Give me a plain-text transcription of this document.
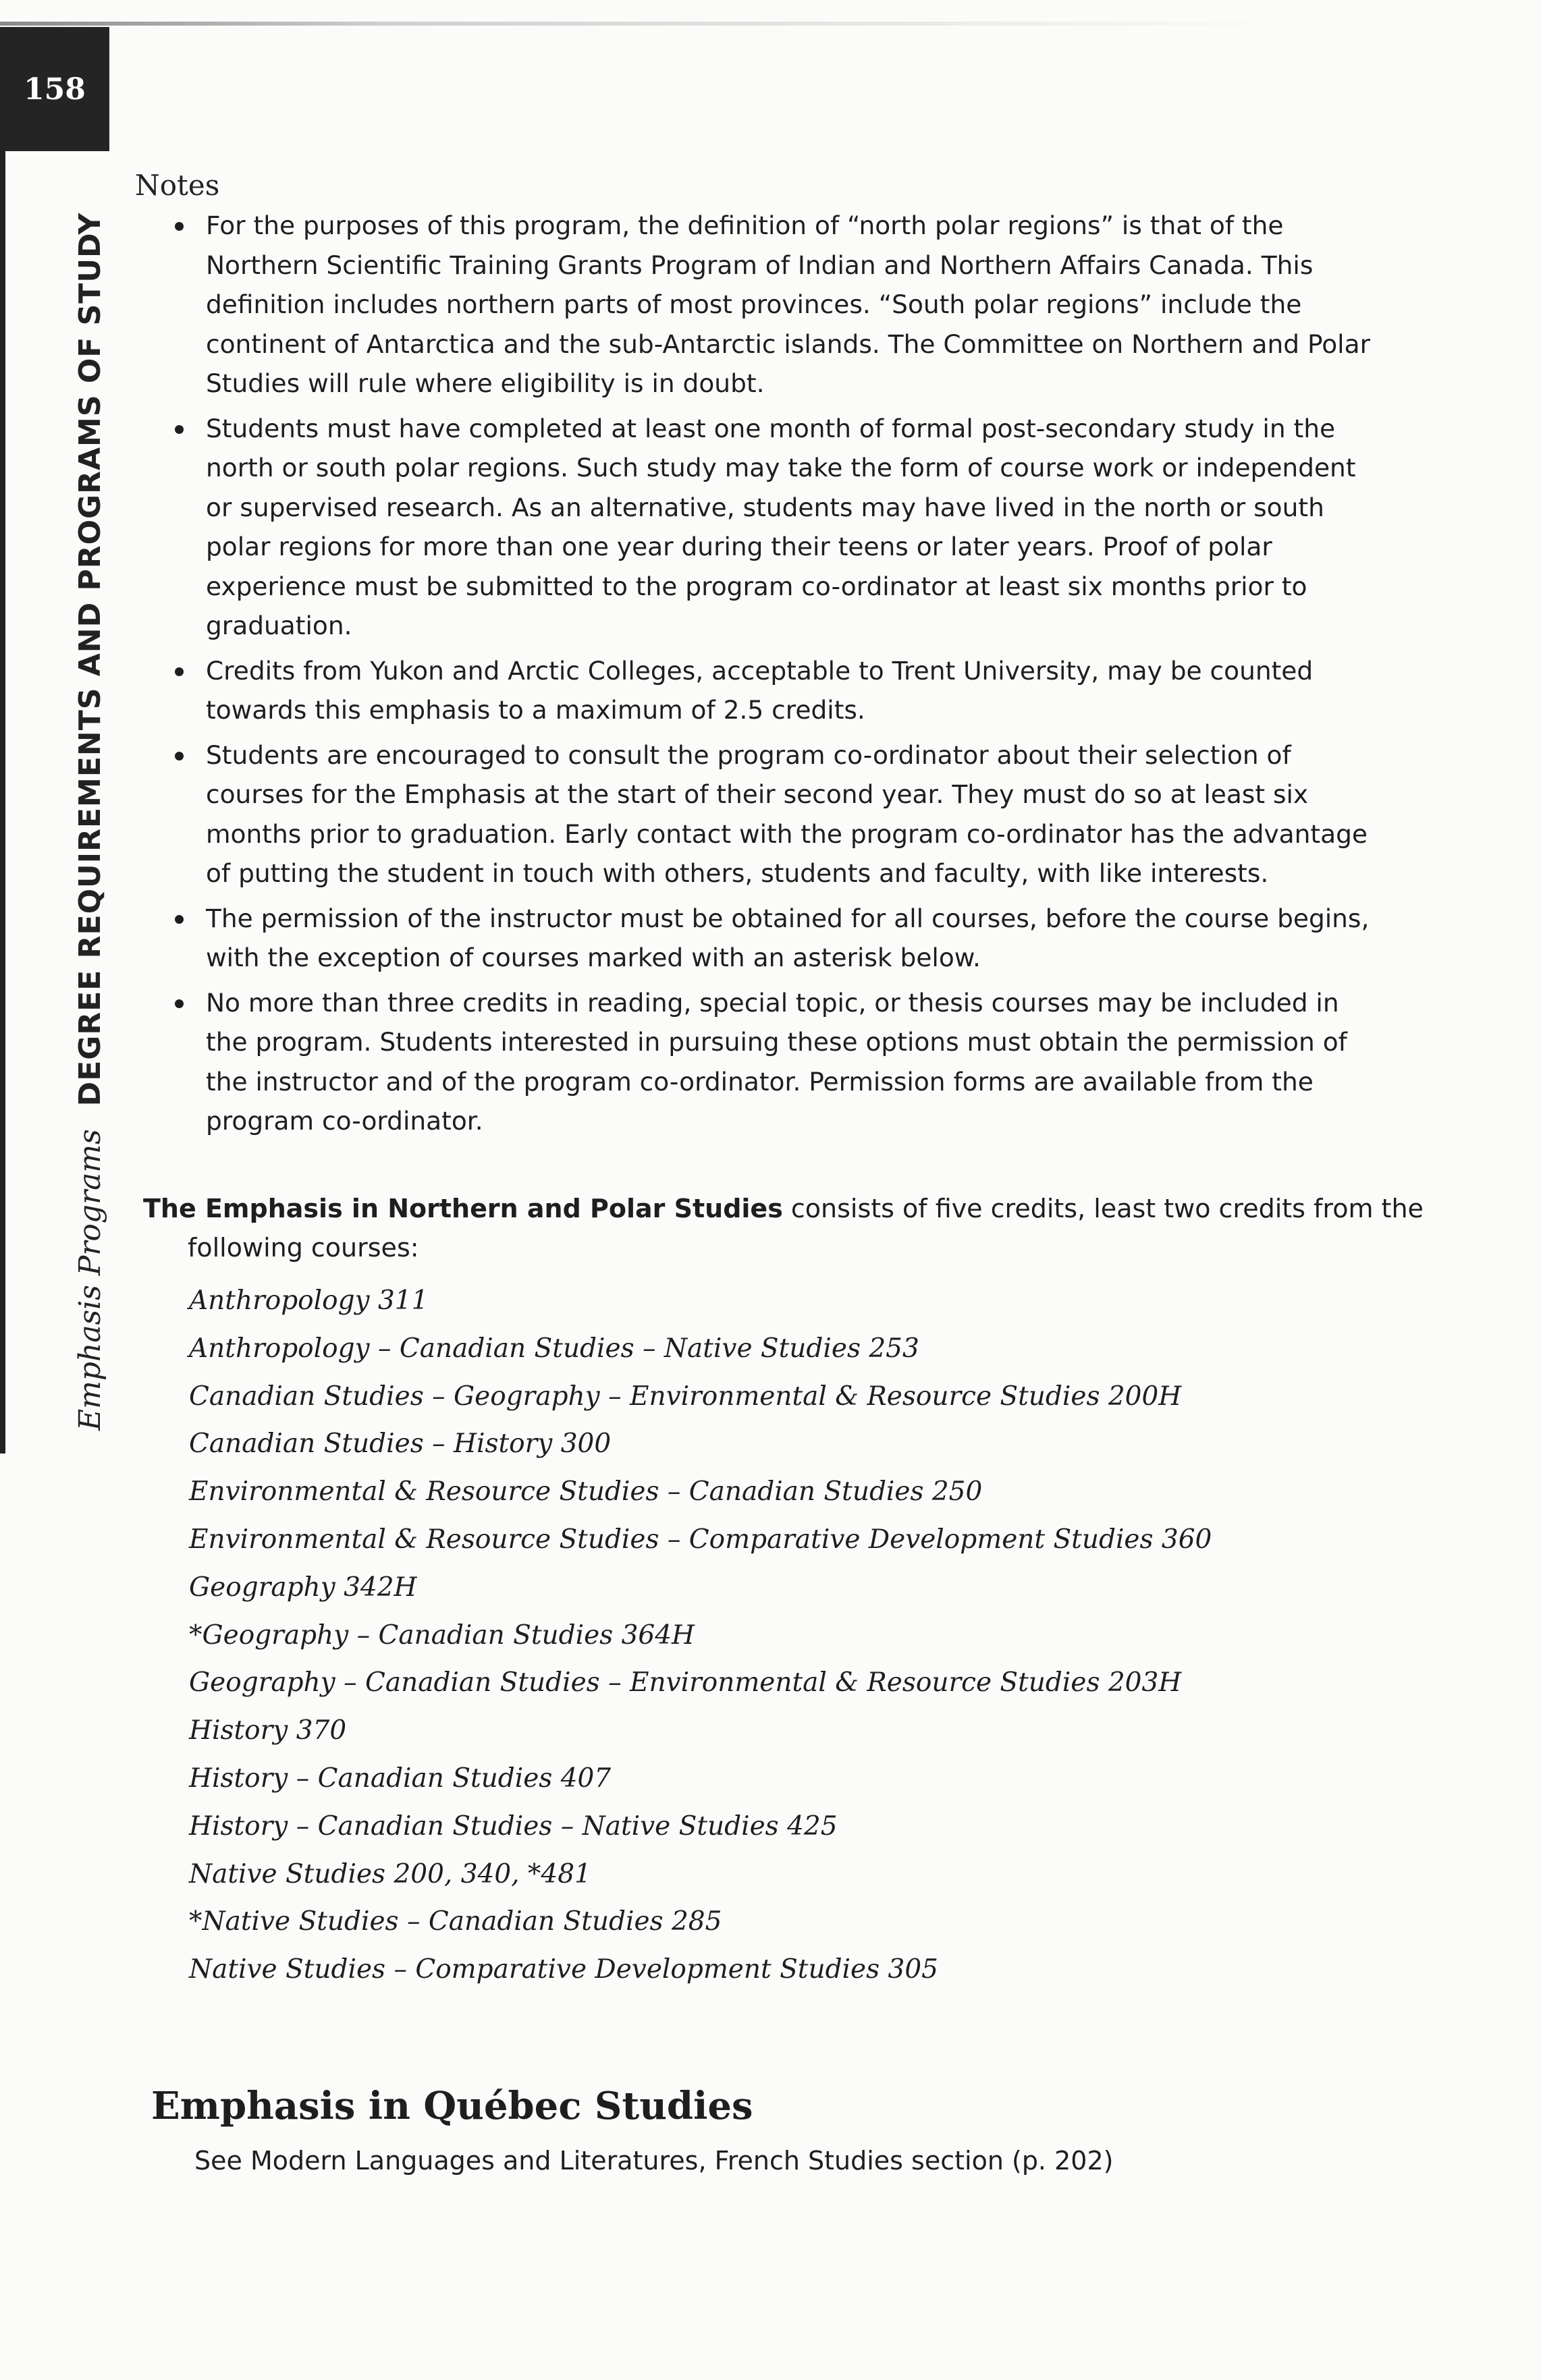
158
Emphasis ProgramsDEGREE REQUIREMENTS AND PROGRAMS OF STUDY
Notes
For the purposes of this program, the definition of “north polar regions” is that of the Northern Scientific Training Grants Program of Indian and Northern Affairs Canada. This definition includes northern parts of most provinces. “South polar regions” include the continent of Antarctica and the sub-Antarctic islands. The Committee on Northern and Polar Studies will rule where eligibility is in doubt.
Students must have completed at least one month of formal post-secondary study in the north or south polar regions. Such study may take the form of course work or independent or supervised research. As an alternative, students may have lived in the north or south polar regions for more than one year during their teens or later years. Proof of polar experience must be submitted to the program co-ordinator at least six months prior to graduation.
Credits from Yukon and Arctic Colleges, acceptable to Trent University, may be counted towards this emphasis to a maximum of 2.5 credits.
Students are encouraged to consult the program co-ordinator about their selection of courses for the Emphasis at the start of their second year. They must do so at least six months prior to graduation. Early contact with the program co-ordinator has the advantage of putting the student in touch with others, students and faculty, with like interests.
The permission of the instructor must be obtained for all courses, before the course begins, with the exception of courses marked with an asterisk below.
No more than three credits in reading, special topic, or thesis courses may be included in the program. Students interested in pursuing these options must obtain the permission of the instructor and of the program co-ordinator. Permission forms are available from the program co-ordinator.

The Emphasis in Northern and Polar Studies consists of five credits, least two credits from the following courses:

Anthropology 311
Anthropology – Canadian Studies – Native Studies 253
Canadian Studies – Geography – Environmental & Resource Studies 200H
Canadian Studies – History 300
Environmental & Resource Studies – Canadian Studies 250
Environmental & Resource Studies – Comparative Development Studies 360
Geography 342H
*Geography – Canadian Studies 364H
Geography – Canadian Studies – Environmental & Resource Studies 203H
History 370
History – Canadian Studies 407
History – Canadian Studies – Native Studies 425
Native Studies 200, 340, *481
*Native Studies – Canadian Studies 285
Native Studies – Comparative Development Studies 305
Emphasis in Québec Studies
See Modern Languages and Literatures, French Studies section (p. 202)
